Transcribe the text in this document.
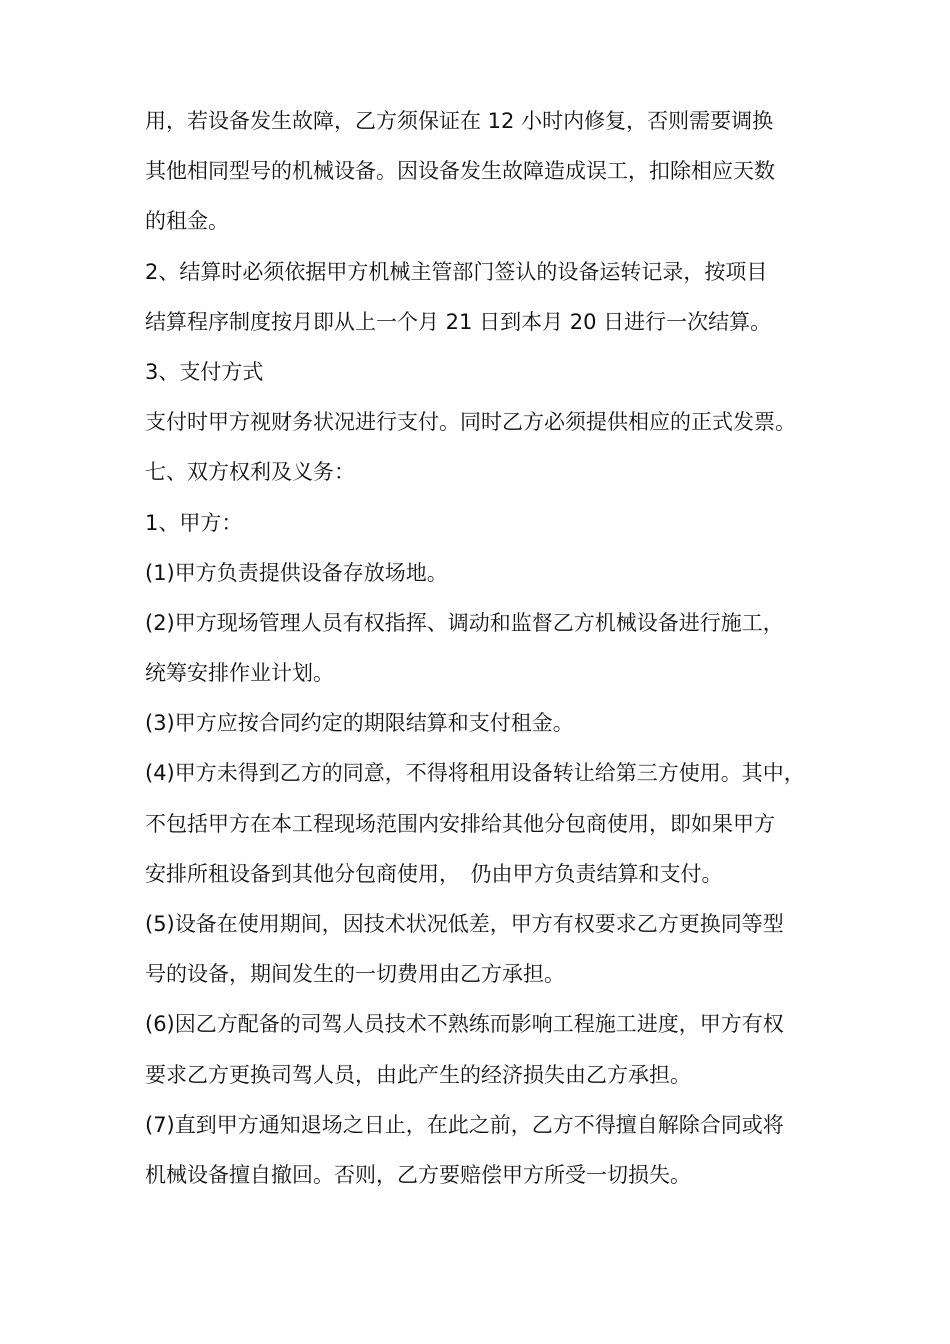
用，若设备发生故障，乙方须保证在 12 小时内修复，否则需要调换
其他相同型号的机械设备。因设备发生故障造成误工，扣除相应天数
的租金。
2、结算时必须依据甲方机械主管部门签认的设备运转记录，按项目
结算程序制度按月即从上一个月 21 日到本月 20 日进行一次结算。
3、支付方式
支付时甲方视财务状况进行支付。同时乙方必须提供相应的正式发票。
七、双方权利及义务：
1、甲方：
(1)甲方负责提供设备存放场地。
(2)甲方现场管理人员有权指挥、调动和监督乙方机械设备进行施工，
统筹安排作业计划。
(3)甲方应按合同约定的期限结算和支付租金。
(4)甲方未得到乙方的同意，不得将租用设备转让给第三方使用。其中，
不包括甲方在本工程现场范围内安排给其他分包商使用，即如果甲方
安排所租设备到其他分包商使用，　仍由甲方负责结算和支付。
(5)设备在使用期间，因技术状况低差，甲方有权要求乙方更换同等型
号的设备，期间发生的一切费用由乙方承担。
(6)因乙方配备的司驾人员技术不熟练而影响工程施工进度，甲方有权
要求乙方更换司驾人员，由此产生的经济损失由乙方承担。
(7)直到甲方通知退场之日止，在此之前，乙方不得擅自解除合同或将
机械设备擅自撤回。否则，乙方要赔偿甲方所受一切损失。
